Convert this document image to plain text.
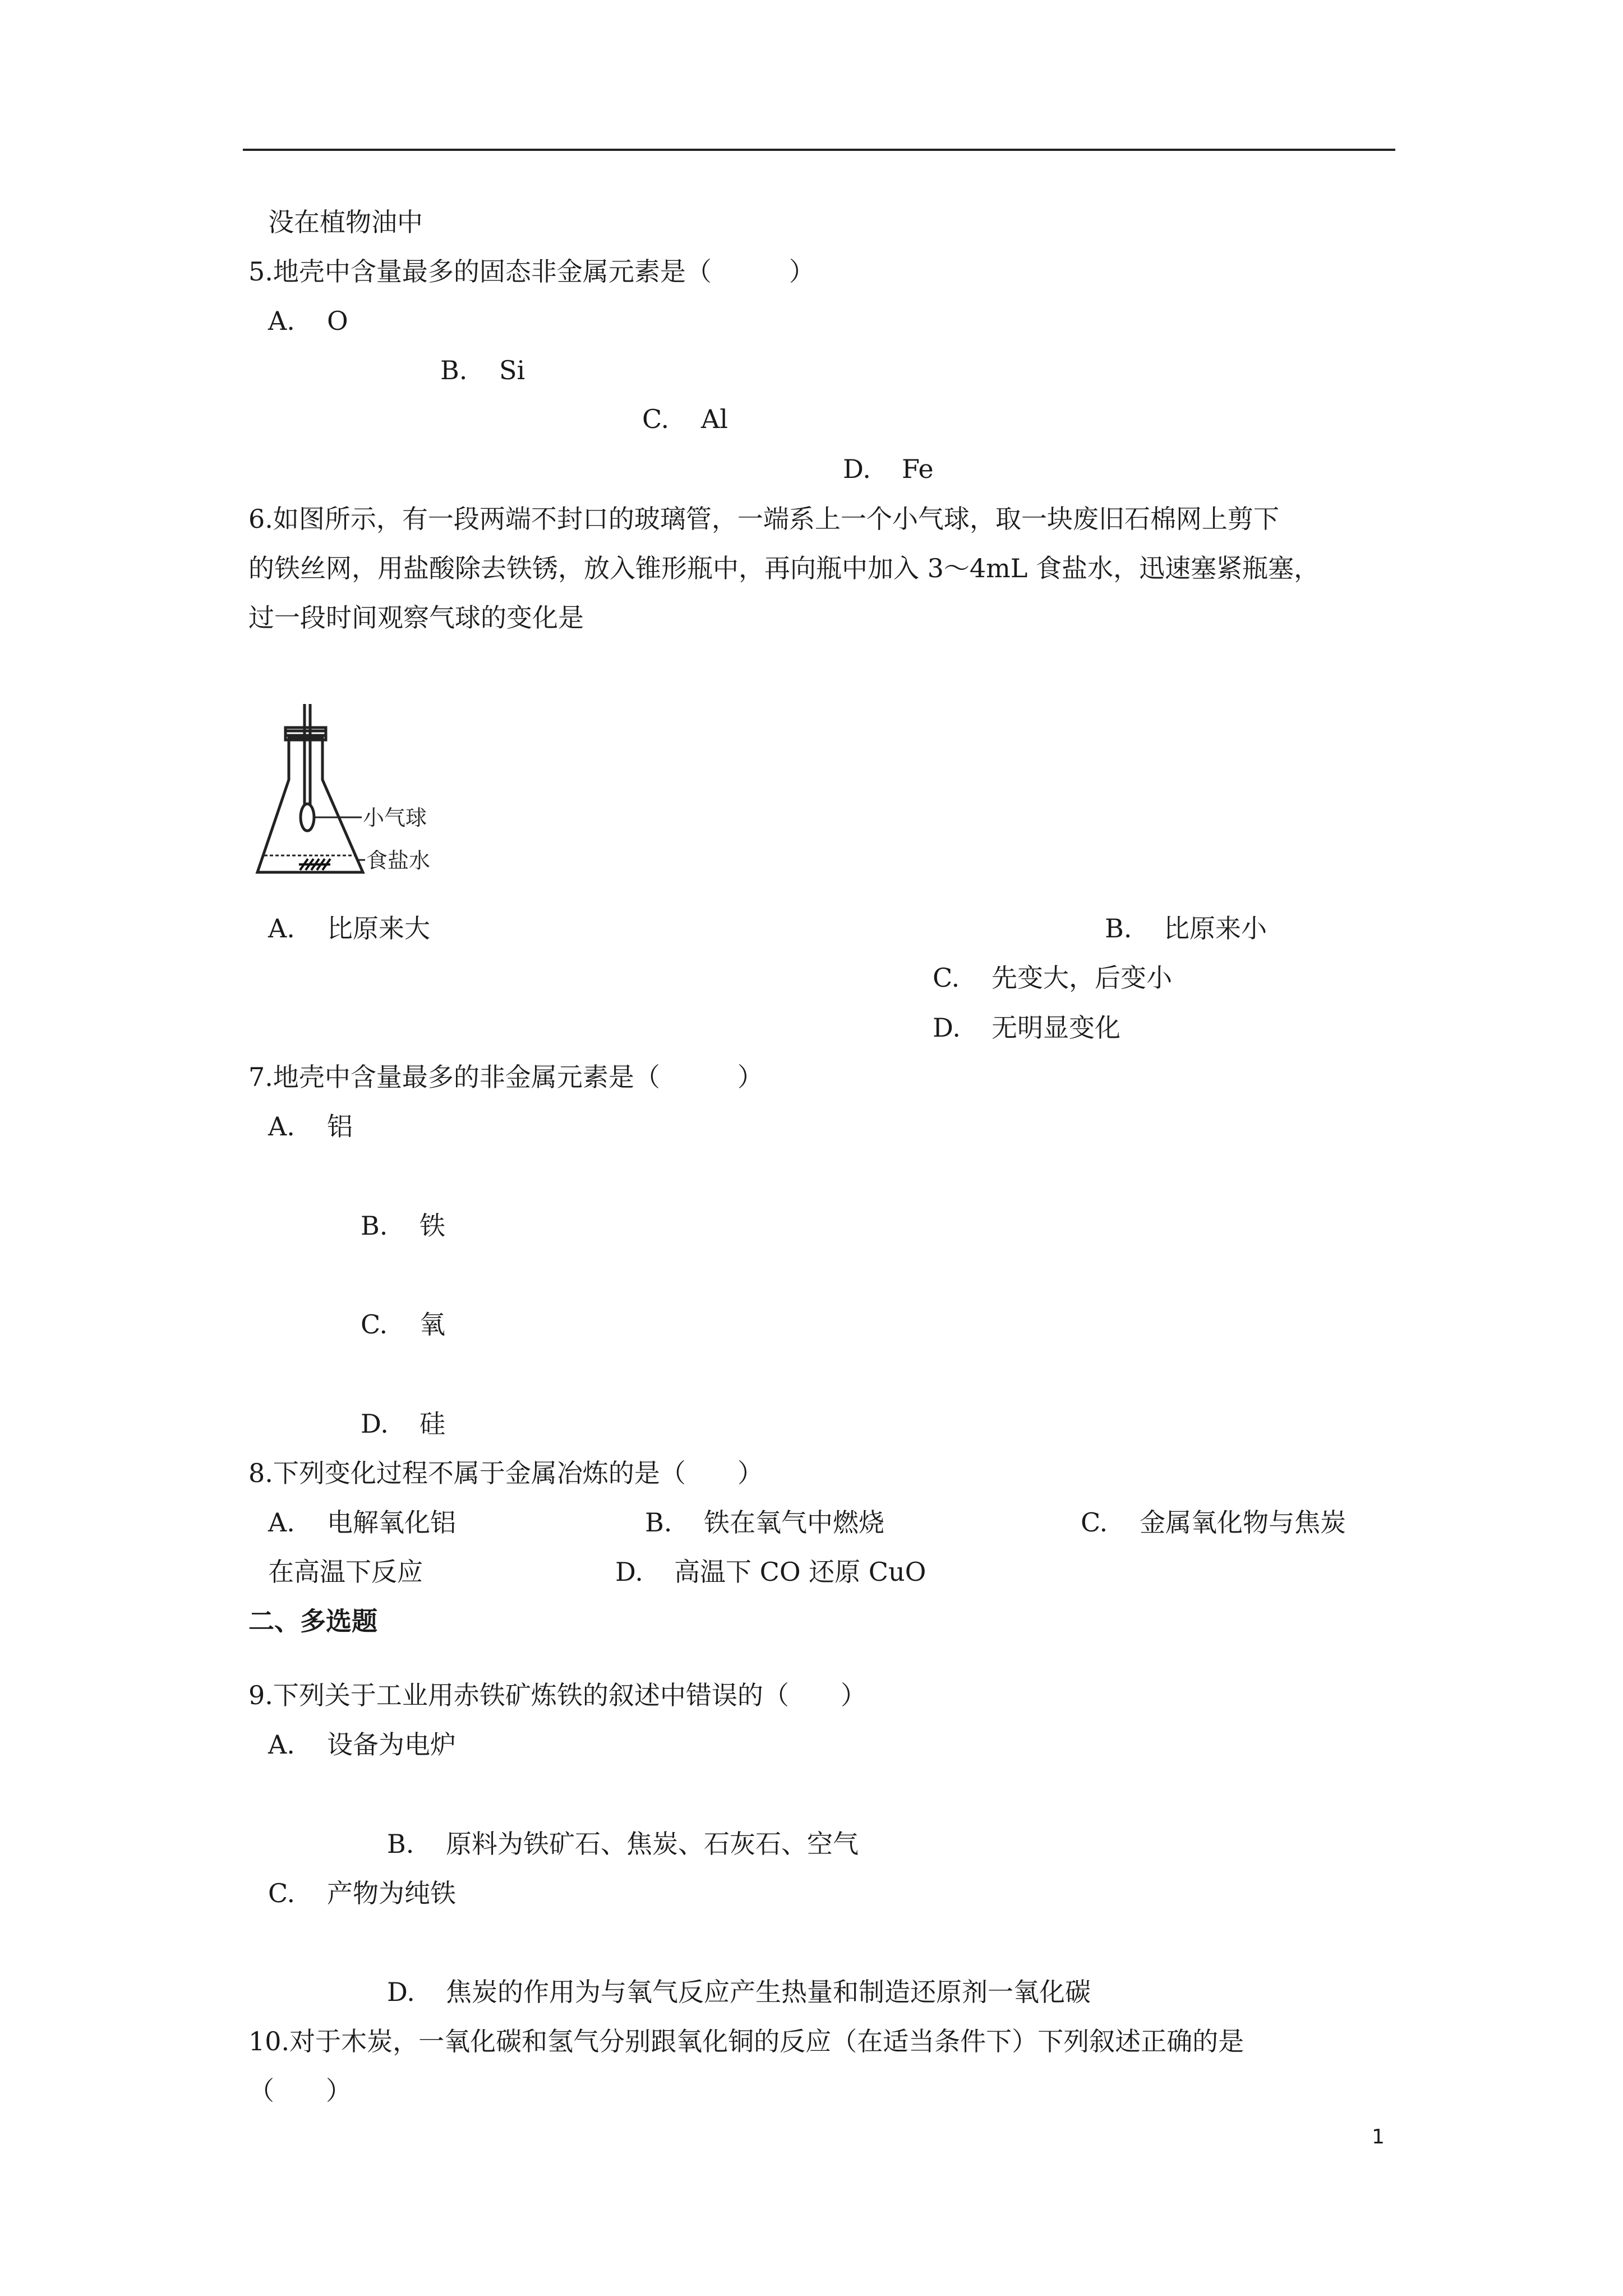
没在植物油中
5.地壳中含量最多的固态非金属元素是（　　　）
A. O
B. Si
C. Al
D. Fe
6.如图所示，有一段两端不封口的玻璃管，一端系上一个小气球，取一块废旧石棉网上剪下
的铁丝网，用盐酸除去铁锈，放入锥形瓶中，再向瓶中加入 3～4mL 食盐水，迅速塞紧瓶塞，
过一段时间观察气球的变化是
小气球
食盐水
A. 比原来大	B. 比原来小
C. 先变大，后变小
D. 无明显变化
7.地壳中含量最多的非金属元素是（　　　）
A. 铝
B. 铁
C. 氧
D. 硅
8.下列变化过程不属于金属冶炼的是（　　）
A. 电解氧化铝	B. 铁在氧气中燃烧	C. 金属氧化物与焦炭
在高温下反应	D. 高温下 CO 还原 CuO
二、多选题
9.下列关于工业用赤铁矿炼铁的叙述中错误的（　　）
A. 设备为电炉
B. 原料为铁矿石、焦炭、石灰石、空气
C. 产物为纯铁
D. 焦炭的作用为与氧气反应产生热量和制造还原剂一氧化碳
10.对于木炭，一氧化碳和氢气分别跟氧化铜的反应（在适当条件下）下列叙述正确的是
（　　）
1
